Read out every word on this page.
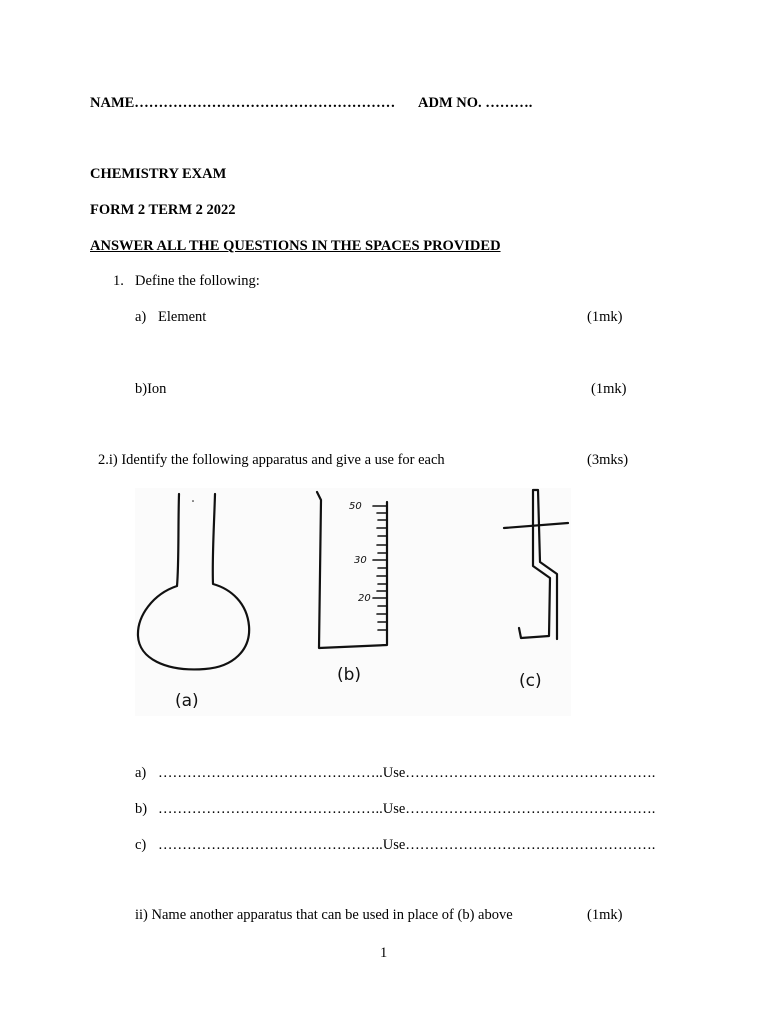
NAME……………………………………………… ADM NO. ……….
CHEMISTRY EXAM
FORM 2 TERM 2 2022
ANSWER ALL THE QUESTIONS IN THE SPACES PROVIDED
1. Define the following:
a) Element	(1mk)
b)Ion	(1mk)
2.i) Identify the following apparatus and give a use for each	(3mks)
50
30
20
(a)
(b)	(c)
a) ………………………………………..Use…………………………………………….
b) ………………………………………..Use…………………………………………….
c) ………………………………………..Use…………………………………………….
ii) Name another apparatus that can be used in place of (b) above	(1mk)
1
